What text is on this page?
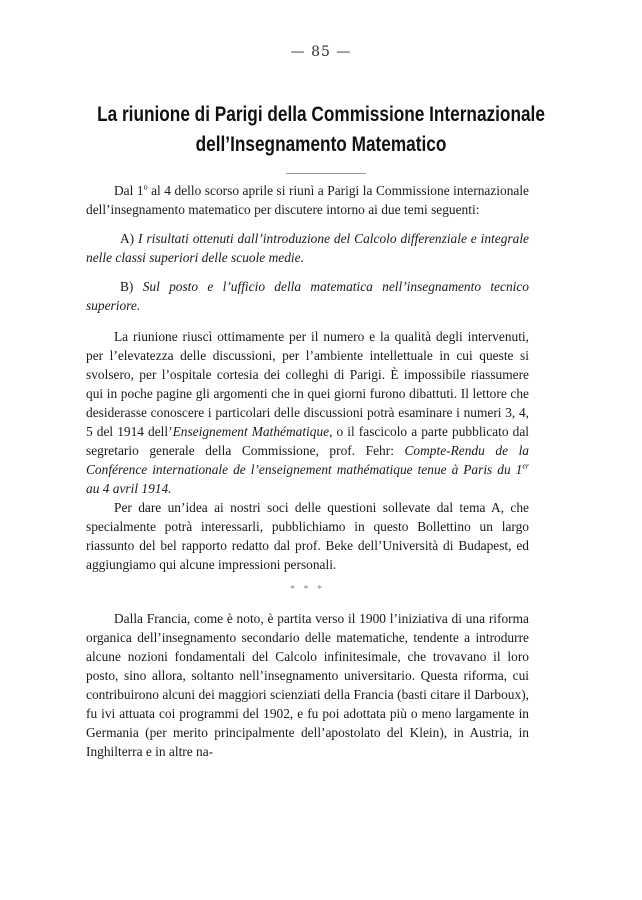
— 85 —
La riunione di Parigi della Commissione Internazionale
dell’Insegnamento Matematico

Dal 1$^o$ al 4 dello scorso aprile si riunì a Parigi la Commissione internazionale dell’insegnamento matematico per discutere intorno ai due temi seguenti:

A) I risultati ottenuti dall’introduzione del Calcolo differenziale e integrale nelle classi superiori delle scuole medie.

B) Sul posto e l’ufficio della matematica nell’insegnamento tecnico superiore.

La riunione riuscì ottimamente per il numero e la qualità degli intervenuti, per l’elevatezza delle discussioni, per l’ambiente intellettuale in cui queste si svolsero, per l’ospitale cortesia dei colleghi di Parigi. È impossibile riassumere qui in poche pagine gli argomenti che in quei giorni furono dibattuti. Il lettore che desiderasse conoscere i particolari delle discussioni potrà esaminare i numeri 3, 4, 5 del 1914 dell’Enseignement Mathématique, o il fascicolo a parte pubblicato dal segretario generale della Commissione, prof. Fehr: Compte-Rendu de la Conférence internationale de l’enseignement mathématique tenue à Paris du 1er au 4 avril 1914.

Per dare un’idea ai nostri soci delle questioni sollevate dal tema A, che specialmente potrà interessarli, pubblichiamo in questo Bollettino un largo riassunto del bel rapporto redatto dal prof. Beke dell’Università di Budapest, ed aggiungiamo qui alcune impressioni personali.

* * *

Dalla Francia, come è noto, è partita verso il 1900 l’iniziativa di una riforma organica dell’insegnamento secondario delle matematiche, tendente a introdurre alcune nozioni fondamentali del Calcolo infinitesimale, che trovavano il loro posto, sino allora, soltanto nell’insegnamento universitario. Questa riforma, cui contribuirono alcuni dei maggiori scienziati della Francia (basti citare il Darboux), fu ivi attuata coi programmi del 1902, e fu poi adottata più o meno largamente in Germania (per merito principalmente dell’apostolato del Klein), in Austria, in Inghilterra e in altre na-
